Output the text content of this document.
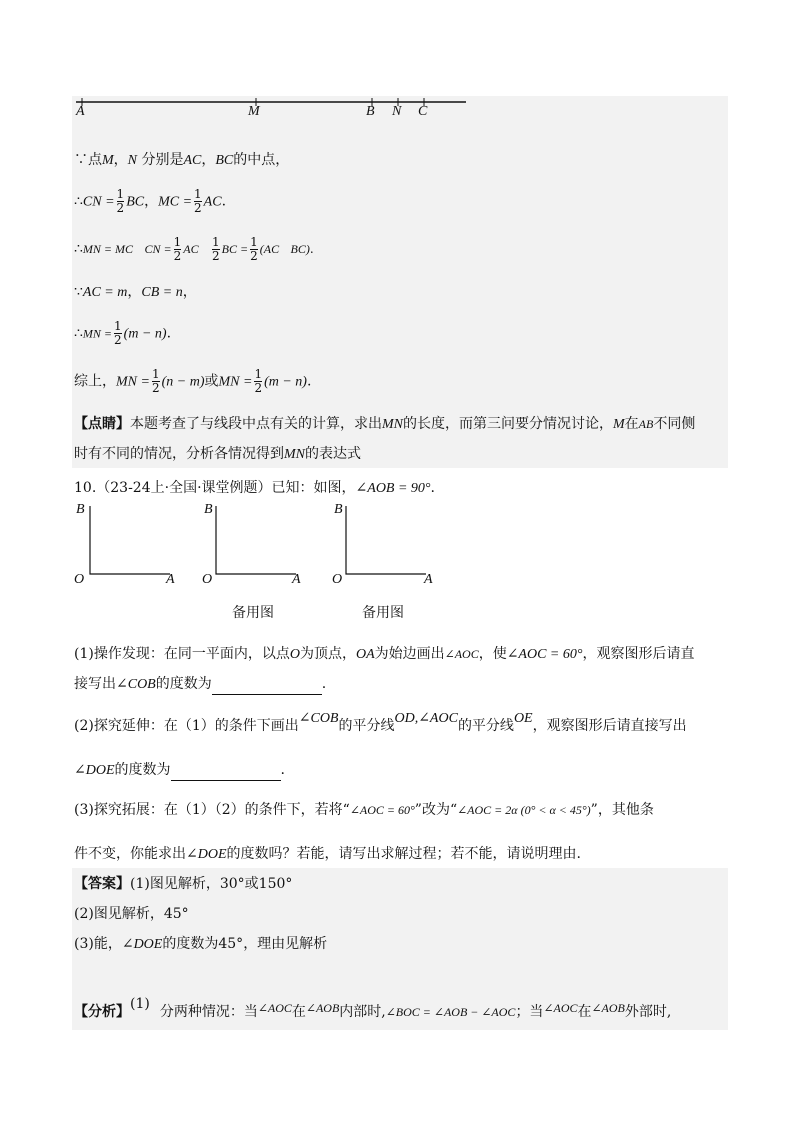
A	M	B N C
∵点M，N 分别是AC，BC的中点，
∴CN = $\frac{1}{2}$ BC，MC = $\frac{1}{2}$ AC.
∴MN = MC CN = $\frac{1}{2}$ AC $\frac{1}{2}$ BC = $\frac{1}{2} (AC$ BC).
∵AC = m，CB = n，
∴MN = $\frac{1}{2} (m - n)$.
综上，MN = $\frac{1}{2} (n - m)$或MN = $\frac{1}{2} (m - n)$.
【点睛】本题考查了与线段中点有关的计算，求出MN的长度，而第三问要分情况讨论，M在AB不同侧
时有不同的情况，分析各情况得到MN的表达式
10.（23-24上·全国·课堂例题）已知：如图，∠AOB = 90°.
B
O	A
B
O	A
备用图
B
O	A
备用图
(1)操作发现：在同一平面内，以点O为顶点，OA为始边画出∠AOC，使∠AOC = 60°，观察图形后请直
接写出∠COB的度数为	.
(2)探究延伸：在（1）的条件下画出∠COB的平分线OD,∠AOC的平分线OE，观察图形后请直接写出
∠DOE的度数为	.
(3)探究拓展：在（1）（2）的条件下，若将“∠AOC = 60°”改为“∠AOC = 2α (0° < α < 45°)”，其他条
件不变，你能求出∠DOE的度数吗？若能，请写出求解过程；若不能，请说明理由.
【答案】(1)图见解析，30°或150°
(2)图见解析，45°
(3)能，∠DOE的度数为45°，理由见解析
【分析】(1) 分两种情况：当∠AOC在∠AOB内部时,∠BOC = ∠AOB − ∠AOC；当∠AOC在∠AOB外部时,
